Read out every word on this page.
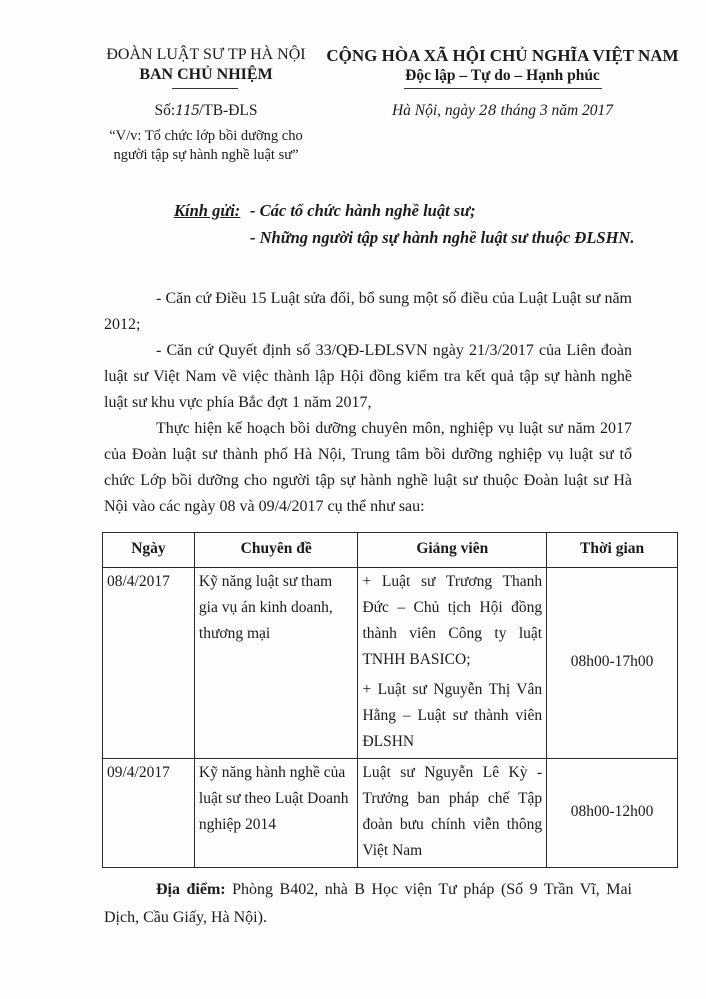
ĐOÀN LUẬT SƯ TP HÀ NỘI
BAN CHỦ NHIỆM
Số:115/TB-ĐLS
“V/v: Tổ chức lớp bồi dưỡng cho người tập sự hành nghề luật sư”
CỘNG HÒA XÃ HỘI CHỦ NGHĨA VIỆT NAM
Độc lập – Tự do – Hạnh phúc
Hà Nội, ngày 28 tháng 3 năm 2017
Kính gửi: - Các tổ chức hành nghề luật sư;
- Những người tập sự hành nghề luật sư thuộc ĐLSHN.
- Căn cứ Điều 15 Luật sửa đổi, bổ sung một số điều của Luật Luật sư năm 2012;
- Căn cứ Quyết định số 33/QĐ-LĐLSVN ngày 21/3/2017 của Liên đoàn luật sư Việt Nam về việc thành lập Hội đồng kiểm tra kết quả tập sự hành nghề luật sư khu vực phía Bắc đợt 1 năm 2017,
Thực hiện kế hoạch bồi dưỡng chuyên môn, nghiệp vụ luật sư năm 2017 của Đoàn luật sư thành phố Hà Nội, Trung tâm bồi dưỡng nghiệp vụ luật sư tổ chức Lớp bồi dưỡng cho người tập sự hành nghề luật sư thuộc Đoàn luật sư Hà Nội vào các ngày 08 và 09/4/2017 cụ thể như sau:
Ngày	Chuyên đề	Giảng viên	Thời gian
08/4/2017	Kỹ năng luật sư tham gia vụ án kinh doanh, thương mại	+ Luật sư Trương Thanh Đức – Chủ tịch Hội đồng thành viên Công ty luật TNHH BASICO;
+ Luật sư Nguyễn Thị Vân Hằng – Luật sư thành viên ĐLSHN	08h00-17h00
09/4/2017	Kỹ năng hành nghề của luật sư theo Luật Doanh nghiệp 2014	Luật sư Nguyễn Lê Kỳ - Trưởng ban pháp chế Tập đoàn bưu chính viễn thông Việt Nam	08h00-12h00
Địa điểm: Phòng B402, nhà B Học viện Tư pháp (Số 9 Trần Vĩ, Mai Dịch, Cầu Giấy, Hà Nội).
